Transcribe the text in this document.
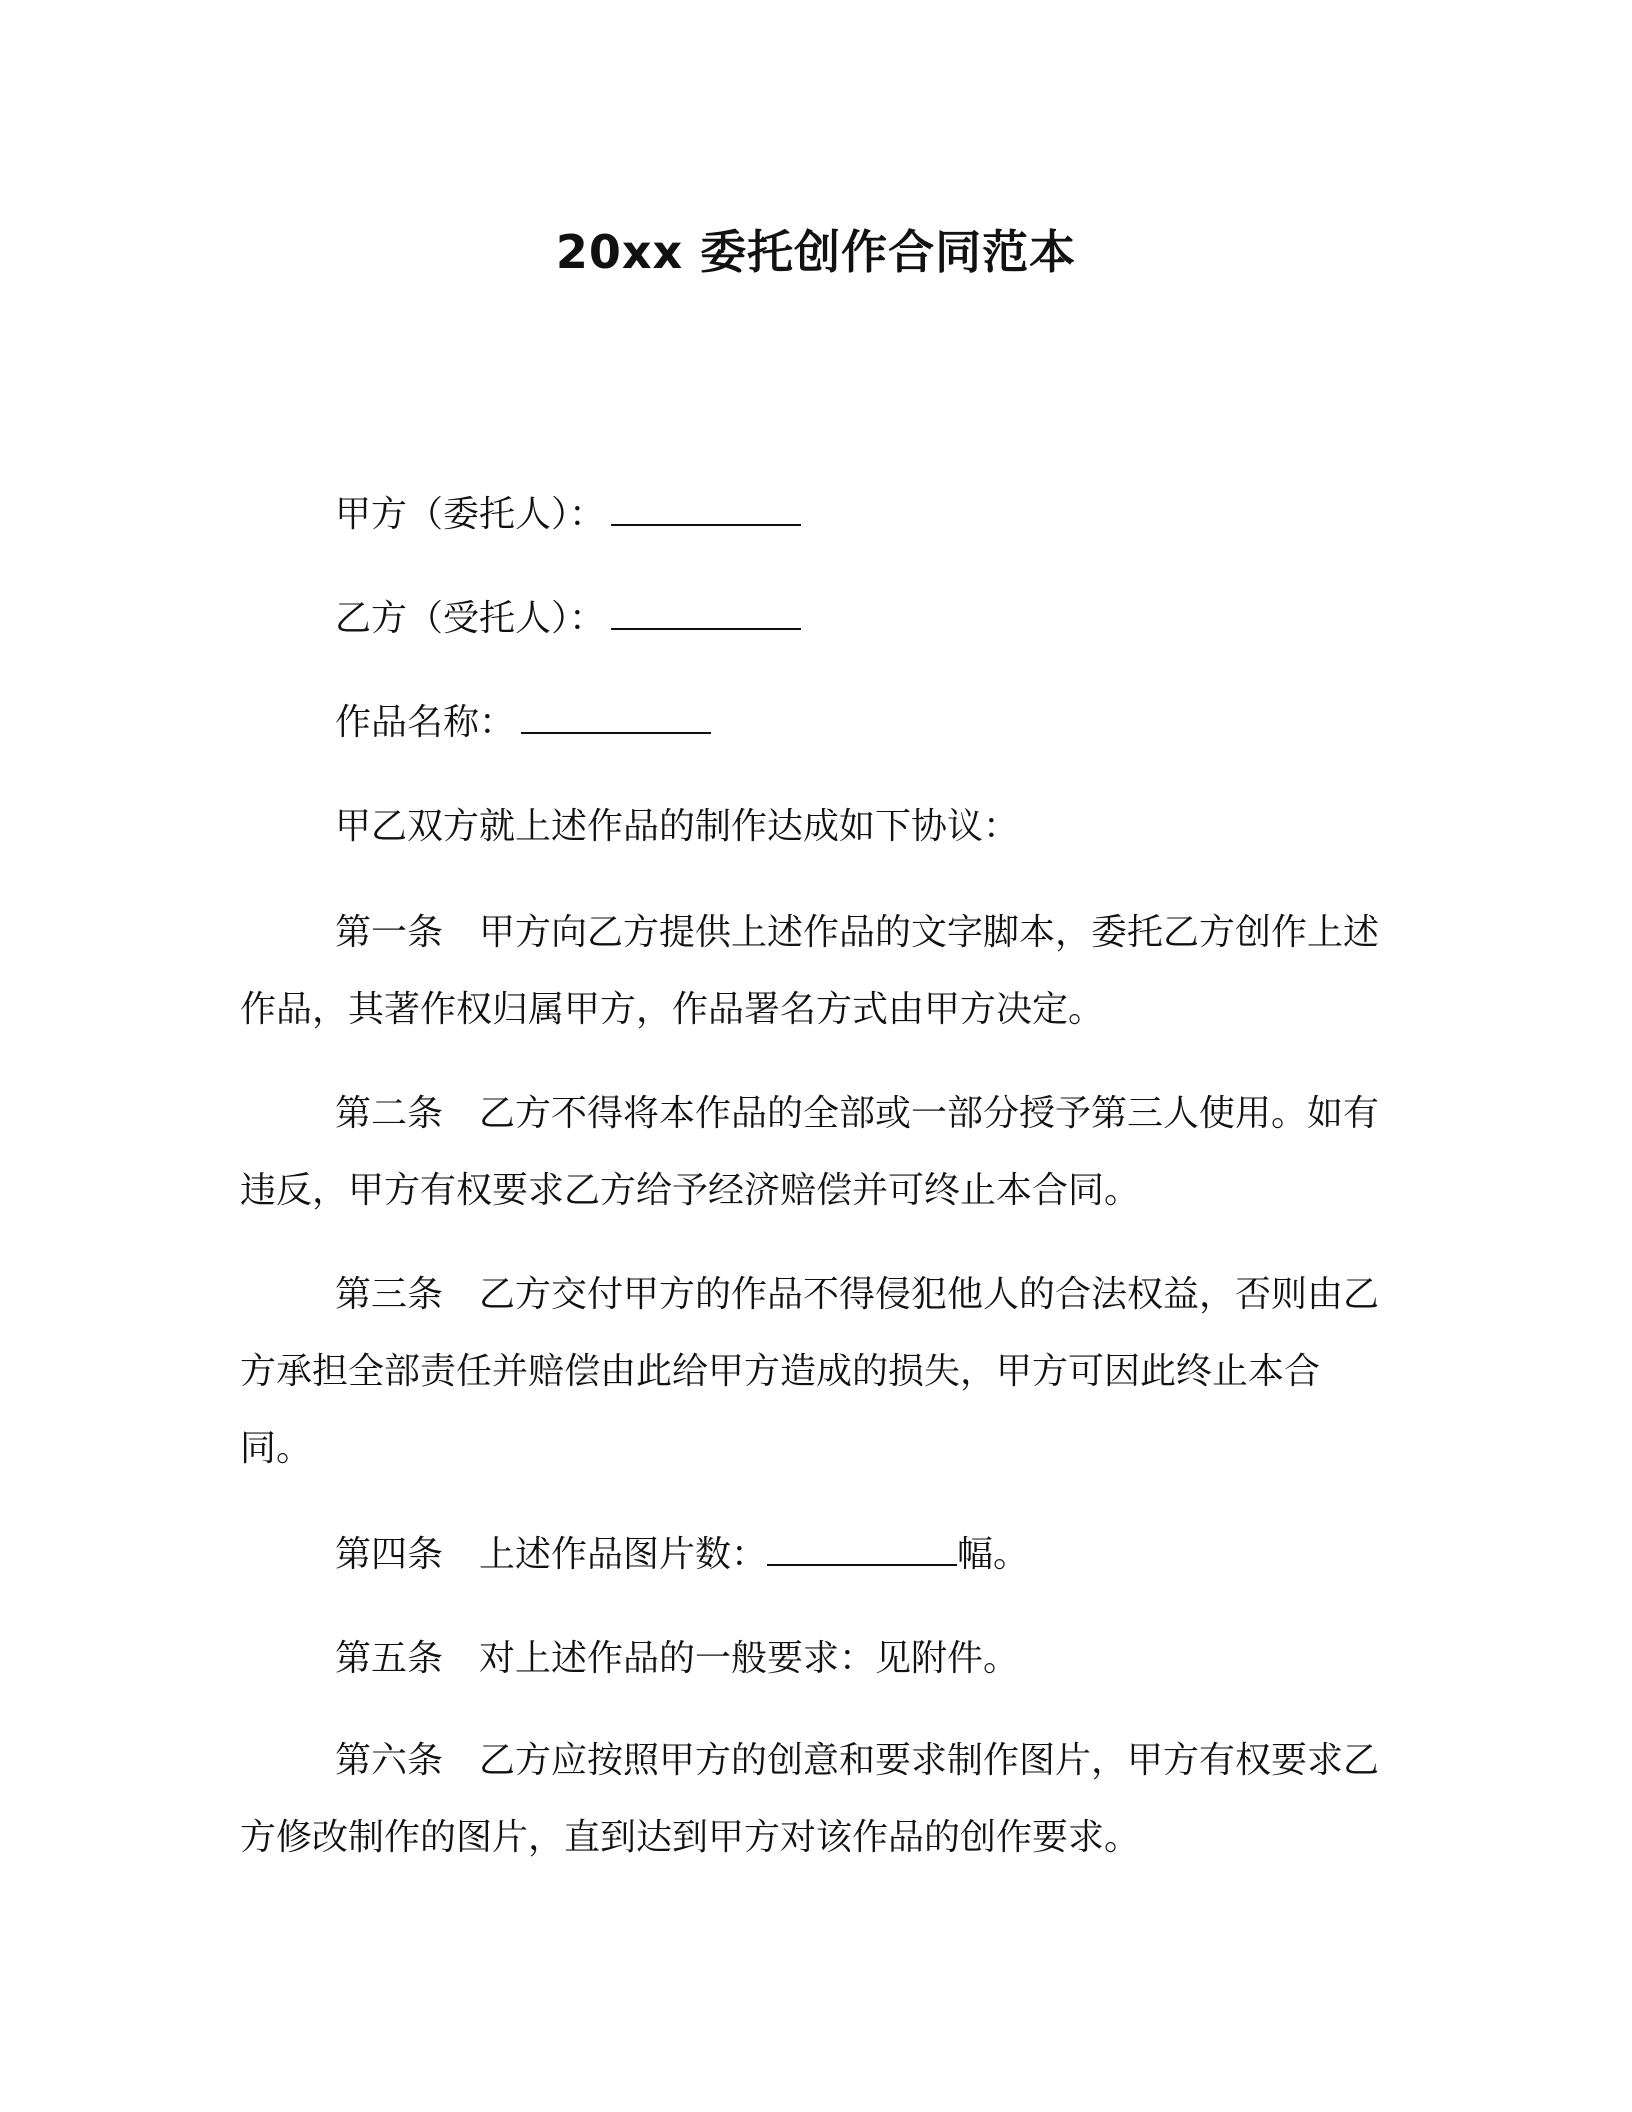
20xx 委托创作合同范本
甲方（委托人）：
乙方（受托人）：
作品名称：
甲乙双方就上述作品的制作达成如下协议：
第一条 甲方向乙方提供上述作品的文字脚本，委托乙方创作上述作品，其著作权归属甲方，作品署名方式由甲方决定。
第二条 乙方不得将本作品的全部或一部分授予第三人使用。如有违反，甲方有权要求乙方给予经济赔偿并可终止本合同。
第三条 乙方交付甲方的作品不得侵犯他人的合法权益，否则由乙方承担全部责任并赔偿由此给甲方造成的损失，甲方可因此终止本合同。
第四条 上述作品图片数：	幅。
第五条 对上述作品的一般要求：见附件。
第六条 乙方应按照甲方的创意和要求制作图片，甲方有权要求乙方修改制作的图片，直到达到甲方对该作品的创作要求。
